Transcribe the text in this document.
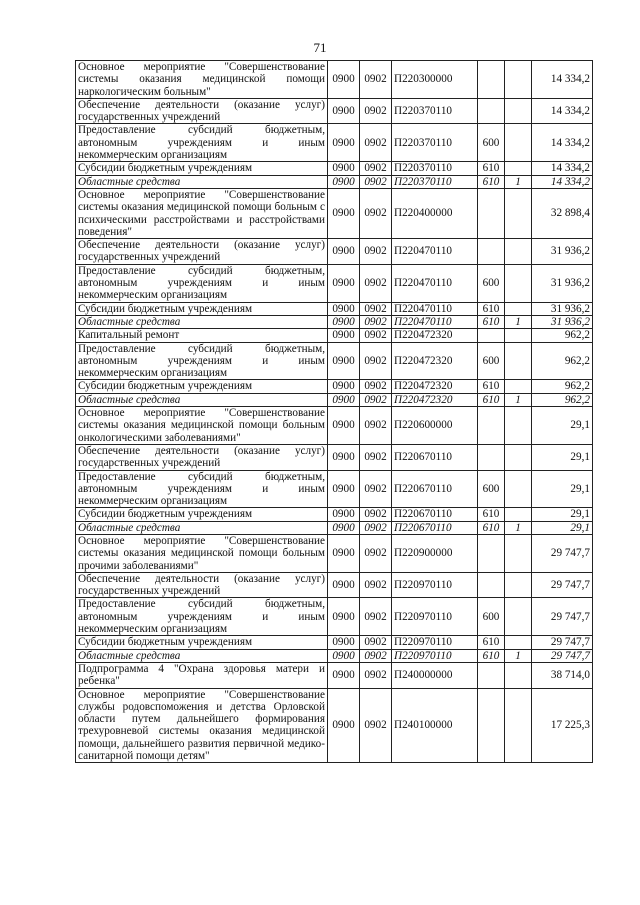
71
Основное мероприятие "Совершенствование системы оказания медицинской помощи наркологическим больным"	0900	0902	П220300000			14 334,2
Обеспечение деятельности (оказание услуг) государственных учреждений	0900	0902	П220370110			14 334,2
Предоставление субсидий бюджетным, автономным учреждениям и иным некоммерческим организациям	0900	0902	П220370110	600		14 334,2
Субсидии бюджетным учреждениям	0900	0902	П220370110	610		14 334,2
Областные средства	0900	0902	П220370110	610	1	14 334,2
Основное мероприятие "Совершенствование системы оказания медицинской помощи больным с психическими расстройствами и расстройствами поведения"	0900	0902	П220400000			32 898,4
Обеспечение деятельности (оказание услуг) государственных учреждений	0900	0902	П220470110			31 936,2
Предоставление субсидий бюджетным, автономным учреждениям и иным некоммерческим организациям	0900	0902	П220470110	600		31 936,2
Субсидии бюджетным учреждениям	0900	0902	П220470110	610		31 936,2
Областные средства	0900	0902	П220470110	610	1	31 936,2
Капитальный ремонт	0900	0902	П220472320			962,2
Предоставление субсидий бюджетным, автономным учреждениям и иным некоммерческим организациям	0900	0902	П220472320	600		962,2
Субсидии бюджетным учреждениям	0900	0902	П220472320	610		962,2
Областные средства	0900	0902	П220472320	610	1	962,2
Основное мероприятие "Совершенствование системы оказания медицинской помощи больным онкологическими заболеваниями"	0900	0902	П220600000			29,1
Обеспечение деятельности (оказание услуг) государственных учреждений	0900	0902	П220670110			29,1
Предоставление субсидий бюджетным, автономным учреждениям и иным некоммерческим организациям	0900	0902	П220670110	600		29,1
Субсидии бюджетным учреждениям	0900	0902	П220670110	610		29,1
Областные средства	0900	0902	П220670110	610	1	29,1
Основное мероприятие "Совершенствование системы оказания медицинской помощи больным прочими заболеваниями"	0900	0902	П220900000			29 747,7
Обеспечение деятельности (оказание услуг) государственных учреждений	0900	0902	П220970110			29 747,7
Предоставление субсидий бюджетным, автономным учреждениям и иным некоммерческим организациям	0900	0902	П220970110	600		29 747,7
Субсидии бюджетным учреждениям	0900	0902	П220970110	610		29 747,7
Областные средства	0900	0902	П220970110	610	1	29 747,7
Подпрограмма 4 "Охрана здоровья матери и ребенка"	0900	0902	П240000000			38 714,0
Основное мероприятие "Совершенствование службы родовспоможения и детства Орловской области путем дальнейшего формирования трехуровневой системы оказания медицинской помощи, дальнейшего развития первичной медико-санитарной помощи детям"	0900	0902	П240100000			17 225,3
